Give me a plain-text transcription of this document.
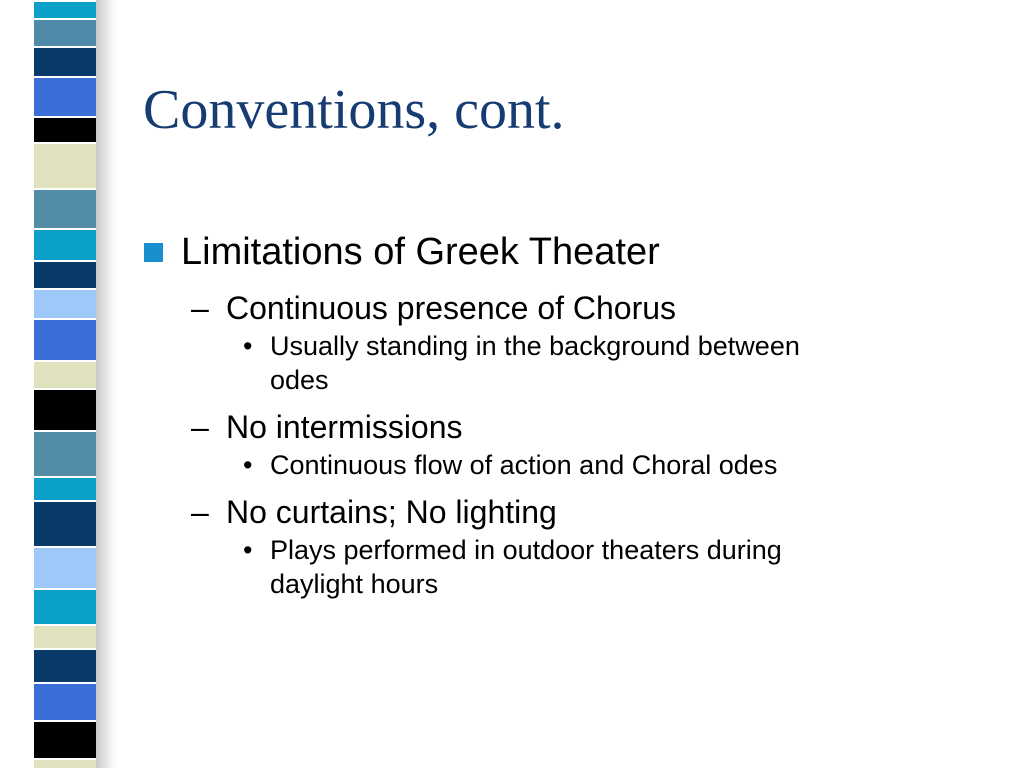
Conventions, cont.
Limitations of Greek Theater
– Continuous presence of Chorus
• Usually standing in the background between odes
– No intermissions
• Continuous flow of action and Choral odes
– No curtains; No lighting
• Plays performed in outdoor theaters during daylight hours
